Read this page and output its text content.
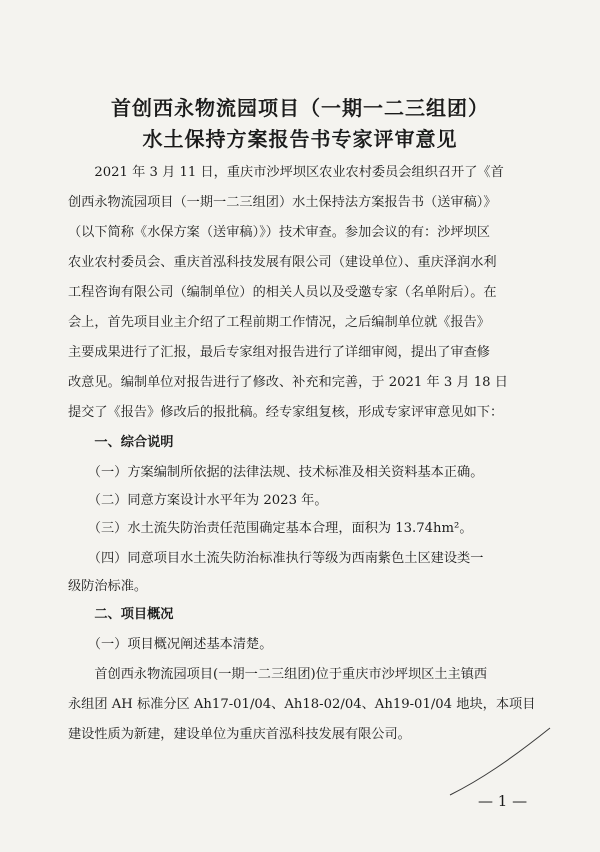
首创西永物流园项目（一期一二三组团）
水土保持方案报告书专家评审意见
　　2021 年 3 月 11 日，重庆市沙坪坝区农业农村委员会组织召开了《首
创西永物流园项目（一期一二三组团）水土保持法方案报告书（送审稿）》
（以下简称《水保方案（送审稿）》）技术审查。参加会议的有：沙坪坝区
农业农村委员会、重庆首泓科技发展有限公司（建设单位）、重庆泽润水利
工程咨询有限公司（编制单位）的相关人员以及受邀专家（名单附后）。在
会上，首先项目业主介绍了工程前期工作情况，之后编制单位就《报告》
主要成果进行了汇报，最后专家组对报告进行了详细审阅，提出了审查修
改意见。编制单位对报告进行了修改、补充和完善，于 2021 年 3 月 18 日
提交了《报告》修改后的报批稿。经专家组复核，形成专家评审意见如下：
　　一、综合说明
　　（一）方案编制所依据的法律法规、技术标准及相关资料基本正确。
　　（二）同意方案设计水平年为 2023 年。
　　（三）水土流失防治责任范围确定基本合理，面积为 13.74hm²。
　　（四）同意项目水土流失防治标准执行等级为西南紫色土区建设类一
级防治标准。
　　二、项目概况
　　（一）项目概况阐述基本清楚。
　　首创西永物流园项目(一期一二三组团)位于重庆市沙坪坝区土主镇西
永组团 AH 标准分区 Ah17-01/04、Ah18-02/04、Ah19-01/04 地块，本项目
建设性质为新建，建设单位为重庆首泓科技发展有限公司。
— 1 —
